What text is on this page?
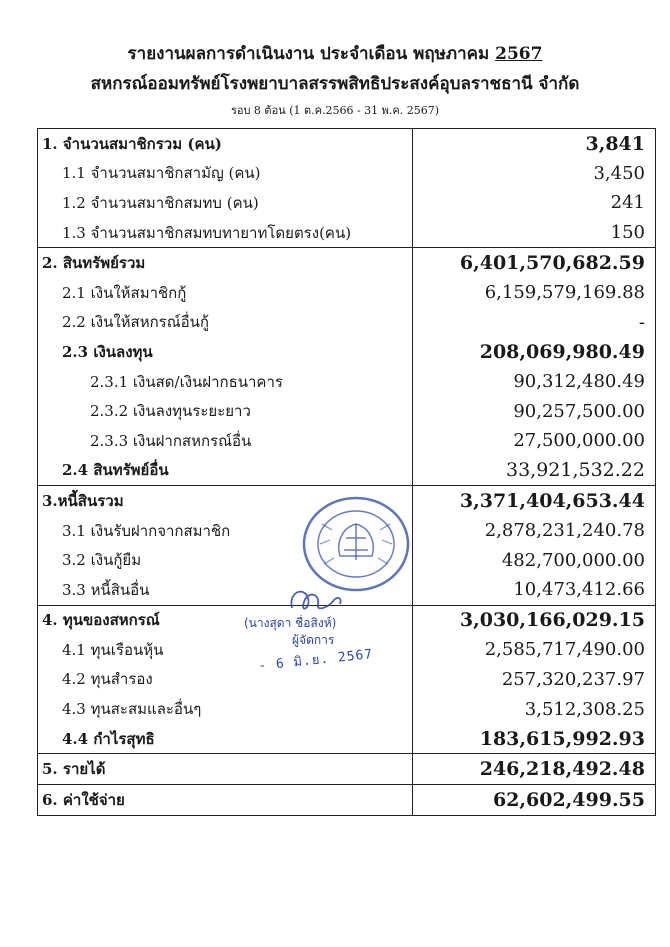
รายงานผลการดำเนินงาน ประจำเดือน พฤษภาคม 2567
สหกรณ์ออมทรัพย์โรงพยาบาลสรรพสิทธิประสงค์อุบลราชธานี จำกัด
รอบ 8 ต้อน (1 ต.ค.2566 - 31 พ.ค. 2567)
1. จำนวนสมาชิกรวม (คน)	3,841
1.1 จำนวนสมาชิกสามัญ (คน)	3,450
1.2 จำนวนสมาชิกสมทบ (คน)	241
1.3 จำนวนสมาชิกสมทบทายาทโดยตรง(คน)	150
2. สินทรัพย์รวม	6,401,570,682.59
2.1 เงินให้สมาชิกกู้	6,159,579,169.88
2.2 เงินให้สหกรณ์อื่นกู้	-
2.3 เงินลงทุน	208,069,980.49
2.3.1 เงินสด/เงินฝากธนาคาร	90,312,480.49
2.3.2 เงินลงทุนระยะยาว	90,257,500.00
2.3.3 เงินฝากสหกรณ์อื่น	27,500,000.00
2.4 สินทรัพย์อื่น	33,921,532.22
3.หนี้สินรวม	3,371,404,653.44
3.1 เงินรับฝากจากสมาชิก	2,878,231,240.78
3.2 เงินกู้ยืม	482,700,000.00
3.3 หนี้สินอื่น	10,473,412.66
4. ทุนของสหกรณ์	3,030,166,029.15
4.1 ทุนเรือนหุ้น	2,585,717,490.00
4.2 ทุนสำรอง	257,320,237.97
4.3 ทุนสะสมและอื่นๆ	3,512,308.25
4.4 กำไรสุทธิ	183,615,992.93
5. รายได้	246,218,492.48
6. ค่าใช้จ่าย	62,602,499.55
(นางสุดา ชื่อสิงห์)
ผู้จัดการ
- 6 มิ.ย. 2567
